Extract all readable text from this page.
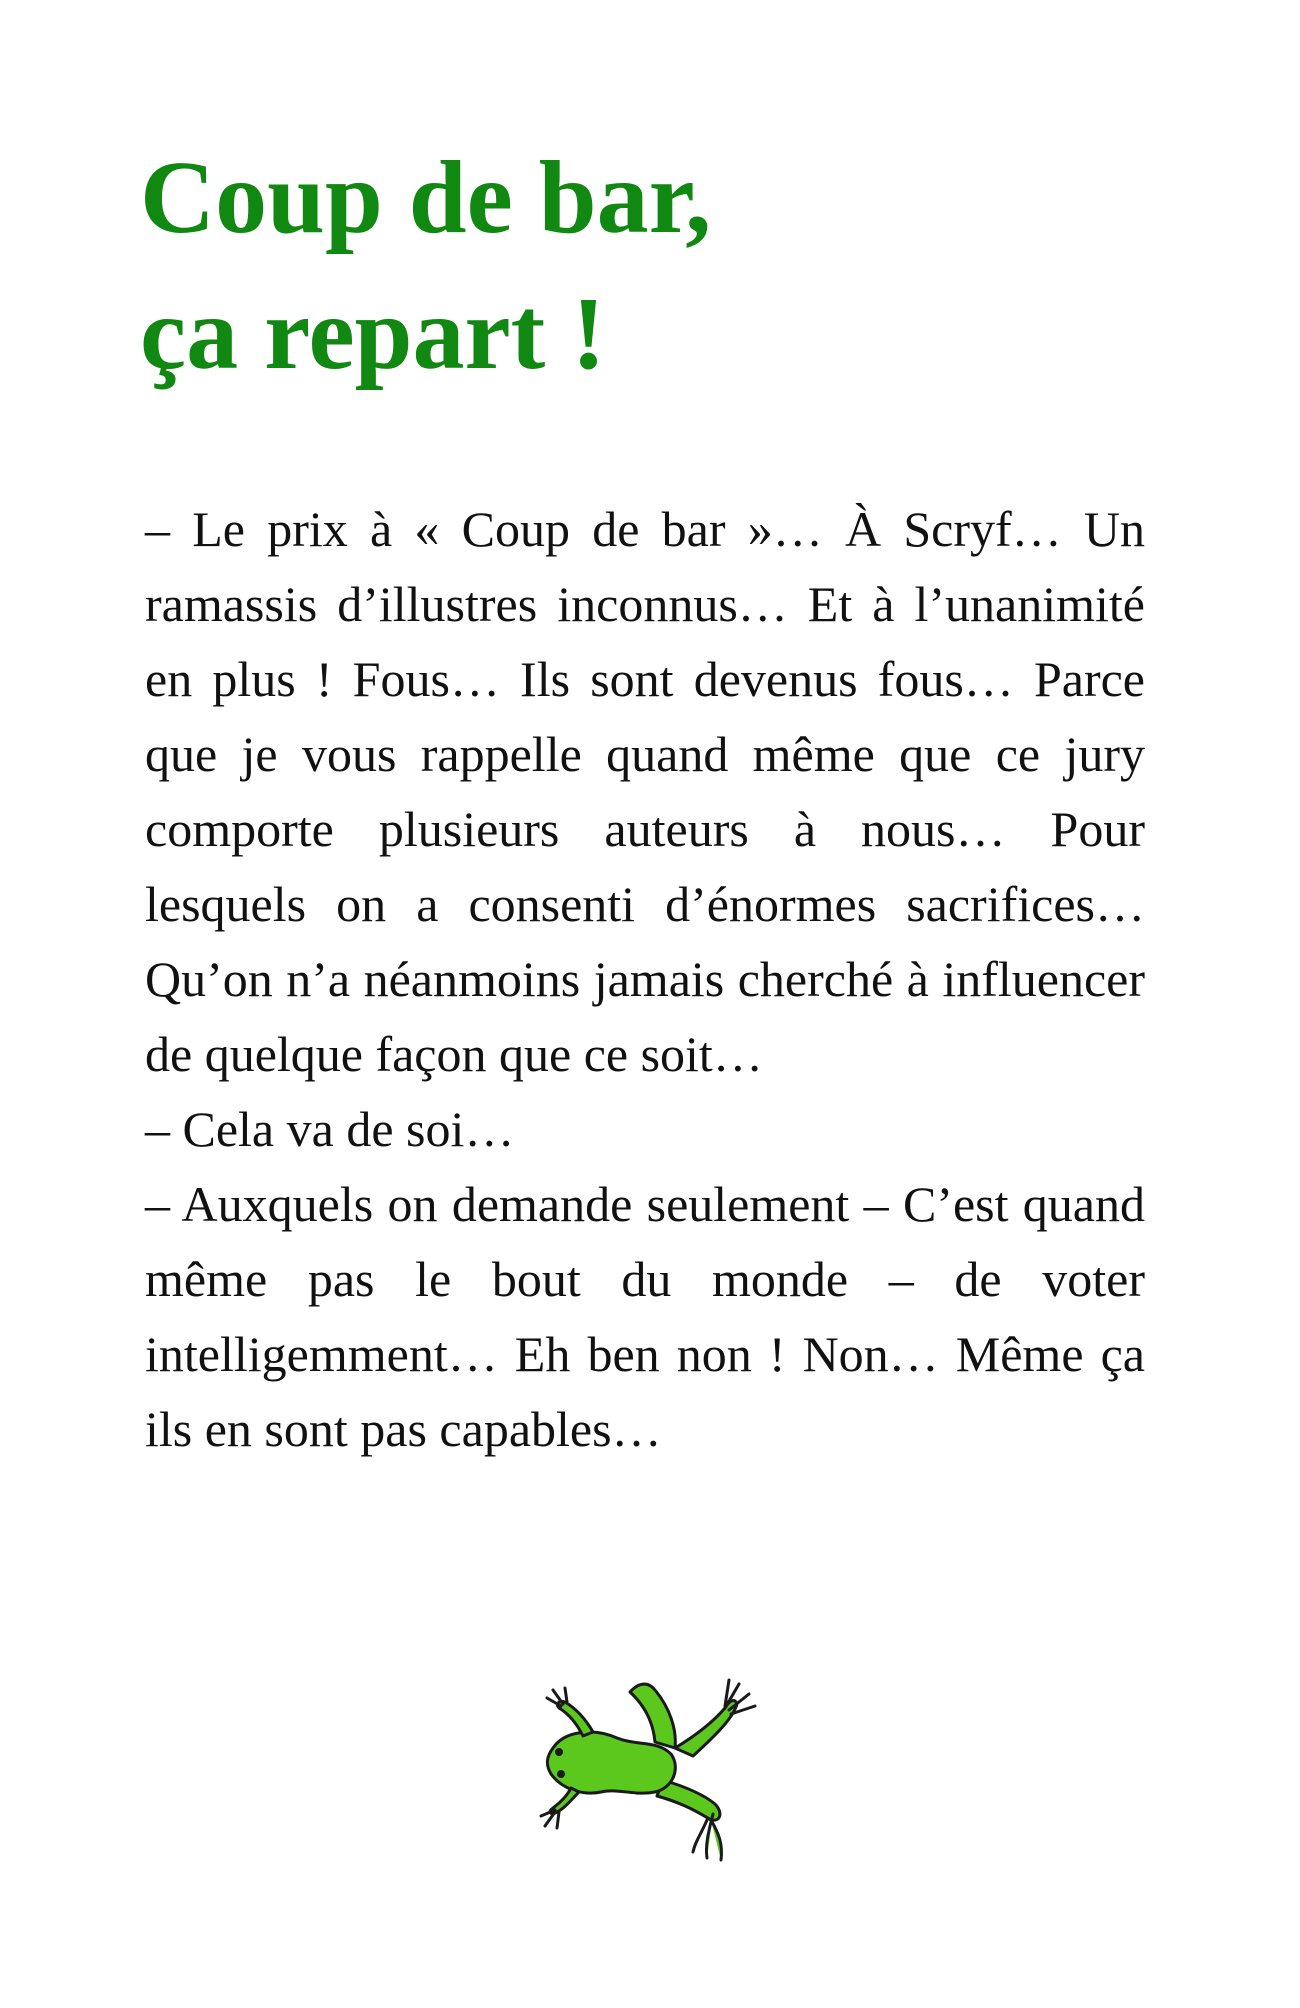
Coup de bar,
ça repart !

– Le prix à « Coup de bar »… À Scryf… Un ramassis d’illustres inconnus… Et à l’unanimité en plus ! Fous… Ils sont devenus fous… Parce que je vous rappelle quand même que ce jury comporte plusieurs auteurs à nous… Pour lesquels on a consenti d’énormes sacrifices… Qu’on n’a néanmoins jamais cherché à influencer de quelque façon que ce soit…

– Cela va de soi…

– Auxquels on demande seulement – C’est quand même pas le bout du monde – de voter intelligemment… Eh ben non ! Non… Même ça ils en sont pas capables…
